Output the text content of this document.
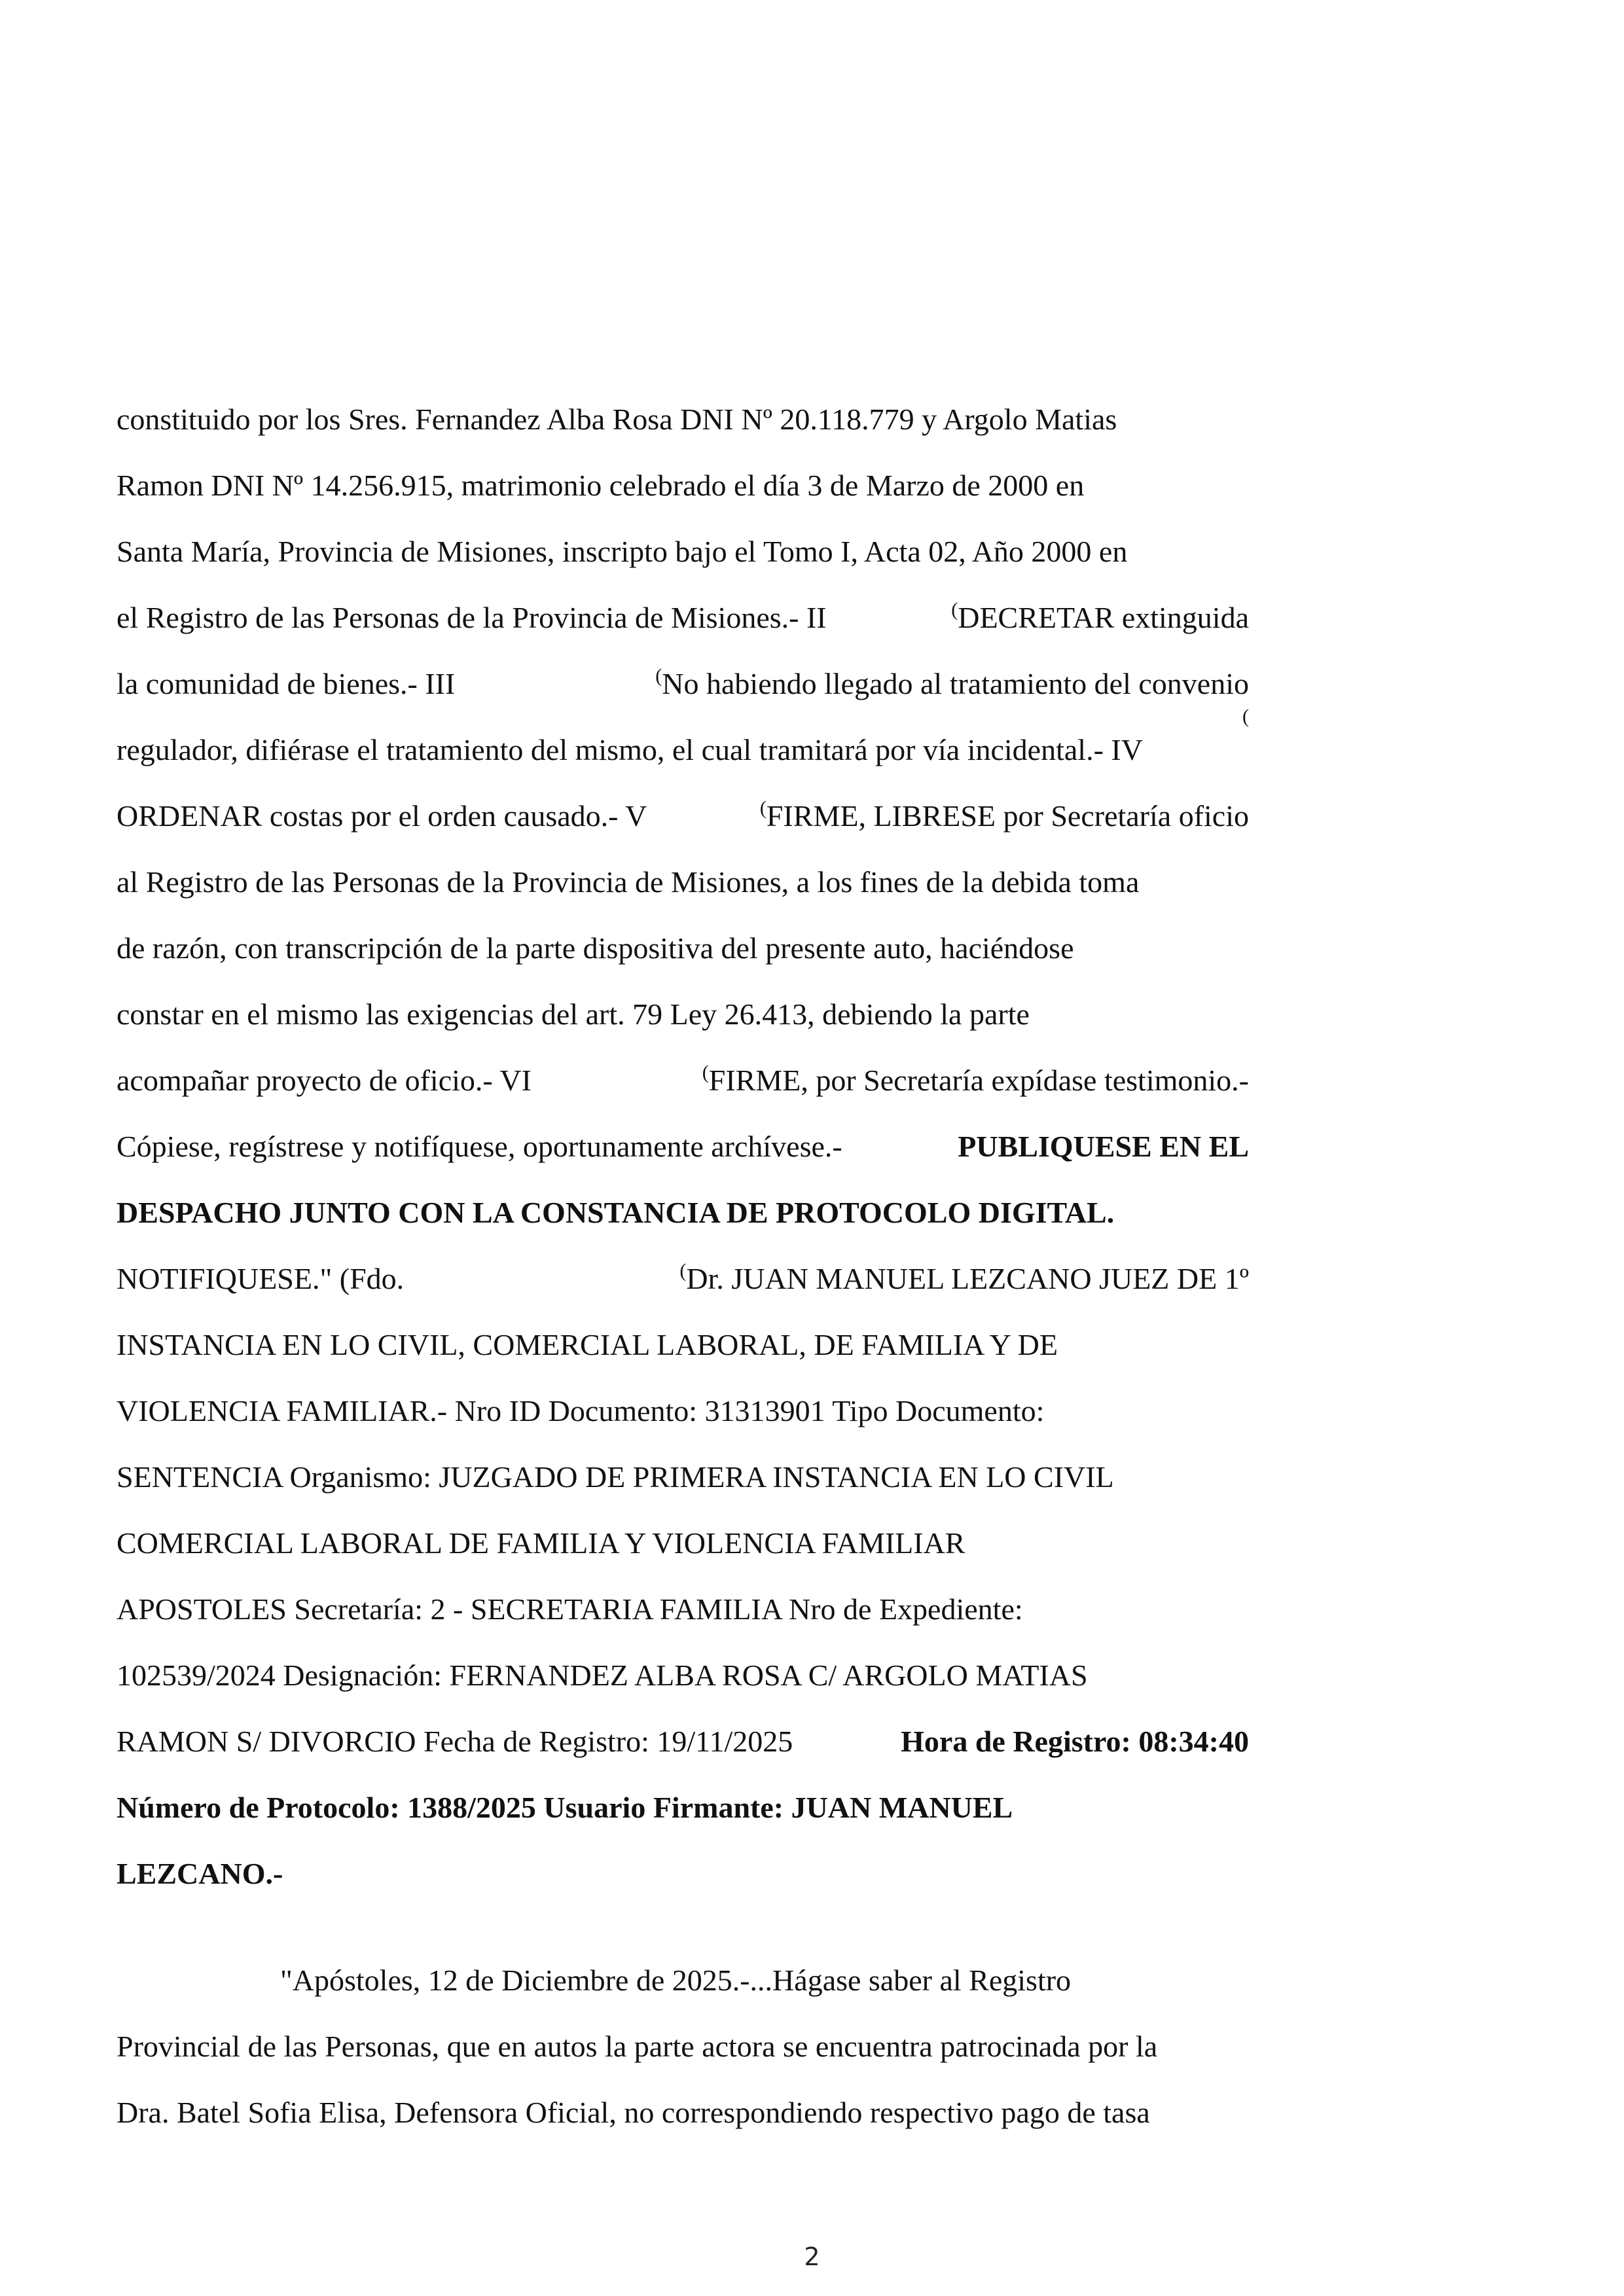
constituido por los Sres. Fernandez Alba Rosa DNI Nº 20.118.779 y Argolo Matias
Ramon DNI Nº 14.256.915, matrimonio celebrado el día 3 de Marzo de 2000 en
Santa María, Provincia de Misiones, inscripto bajo el Tomo I, Acta 02, Año 2000 en
el Registro de las Personas de la Provincia de Misiones.- II	(DECRETAR extinguida
la comunidad de bienes.- III	(No habiendo llegado al tratamiento del convenio
regulador, difiérase el tratamiento del mismo, el cual tramitará por vía incidental.- IV
(
ORDENAR costas por el orden causado.- V	(FIRME, LIBRESE por Secretaría oficio
al Registro de las Personas de la Provincia de Misiones, a los fines de la debida toma
de razón, con transcripción de la parte dispositiva del presente auto, haciéndose
constar en el mismo las exigencias del art. 79 Ley 26.413, debiendo la parte
acompañar proyecto de oficio.- VI	(FIRME, por Secretaría expídase testimonio.-
Cópiese, regístrese y notifíquese, oportunamente archívese.-	PUBLIQUESE EN EL
DESPACHO JUNTO CON LA CONSTANCIA DE PROTOCOLO DIGITAL.
NOTIFIQUESE." (Fdo.	(Dr. JUAN MANUEL LEZCANO JUEZ DE 1º
INSTANCIA EN LO CIVIL, COMERCIAL LABORAL, DE FAMILIA Y DE
VIOLENCIA FAMILIAR.- Nro ID Documento: 31313901 Tipo Documento:
SENTENCIA Organismo: JUZGADO DE PRIMERA INSTANCIA EN LO CIVIL
COMERCIAL LABORAL DE FAMILIA Y VIOLENCIA FAMILIAR
APOSTOLES Secretaría: 2 - SECRETARIA FAMILIA Nro de Expediente:
102539/2024 Designación: FERNANDEZ ALBA ROSA C/ ARGOLO MATIAS
RAMON S/ DIVORCIO Fecha de Registro: 19/11/2025	Hora de Registro: 08:34:40
Número de Protocolo: 1388/2025 Usuario Firmante: JUAN MANUEL
LEZCANO.-
"Apóstoles, 12 de Diciembre de 2025.-...Hágase saber al Registro
Provincial de las Personas, que en autos la parte actora se encuentra patrocinada por la
Dra. Batel Sofia Elisa, Defensora Oficial, no correspondiendo respectivo pago de tasa
2
